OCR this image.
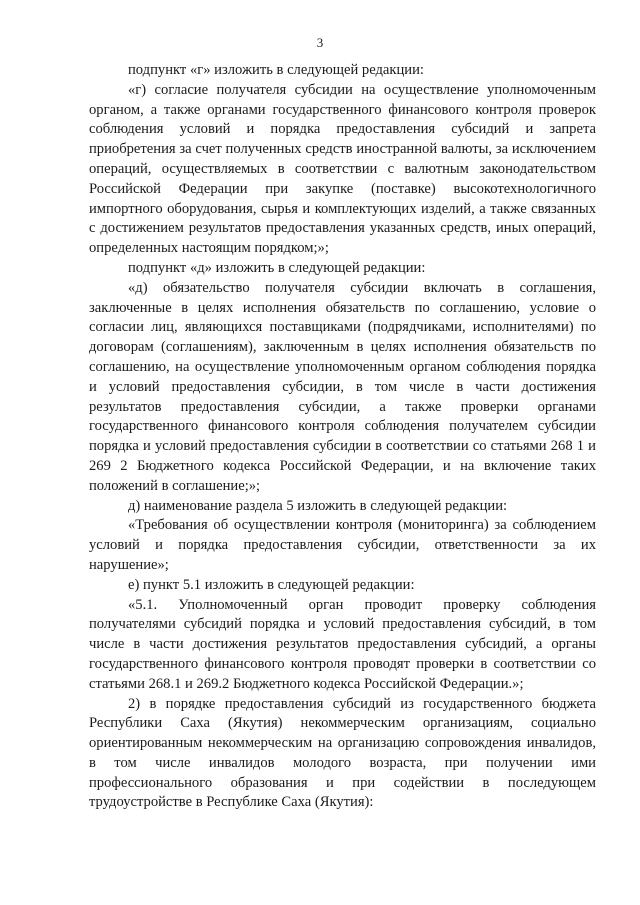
3

подпункт «г» изложить в следующей редакции:

«г) согласие получателя субсидии на осуществление уполномоченным органом, а также органами государственного финансового контроля проверок соблюдения условий и порядка предоставления субсидий и запрета приобретения за счет полученных средств иностранной валюты, за исключением операций, осуществляемых в соответствии с валютным законодательством Российской Федерации при закупке (поставке) высокотехнологичного импортного оборудования, сырья и комплектующих изделий, а также связанных с достижением результатов предоставления указанных средств, иных операций, определенных настоящим порядком;»;

подпункт «д» изложить в следующей редакции:

«д) обязательство получателя субсидии включать в соглашения, заключенные в целях исполнения обязательств по соглашению, условие о согласии лиц, являющихся поставщиками (подрядчиками, исполнителями) по договорам (соглашениям), заключенным в целях исполнения обязательств по соглашению, на осуществление уполномоченным органом соблюдения порядка и условий предоставления субсидии, в том числе в части достижения результатов предоставления субсидии, а также проверки органами государственного финансового контроля соблюдения получателем субсидии порядка и условий предоставления субсидии в соответствии со статьями 268 1 и 269 2 Бюджетного кодекса Российской Федерации, и на включение таких положений в соглашение;»;

д) наименование раздела 5 изложить в следующей редакции:

«Требования об осуществлении контроля (мониторинга) за соблюдением условий и порядка предоставления субсидии, ответственности за их нарушение»;

е) пункт 5.1 изложить в следующей редакции:

«5.1. Уполномоченный орган проводит проверку соблюдения получателями субсидий порядка и условий предоставления субсидий, в том числе в части достижения результатов предоставления субсидий, а органы государственного финансового контроля проводят проверки в соответствии со статьями 268.1 и 269.2 Бюджетного кодекса Российской Федерации.»;

2) в порядке предоставления субсидий из государственного бюджета Республики Саха (Якутия) некоммерческим организациям, социально ориентированным некоммерческим на организацию сопровождения инвалидов, в том числе инвалидов молодого возраста, при получении ими профессионального образования и при содействии в последующем трудоустройстве в Республике Саха (Якутия):
